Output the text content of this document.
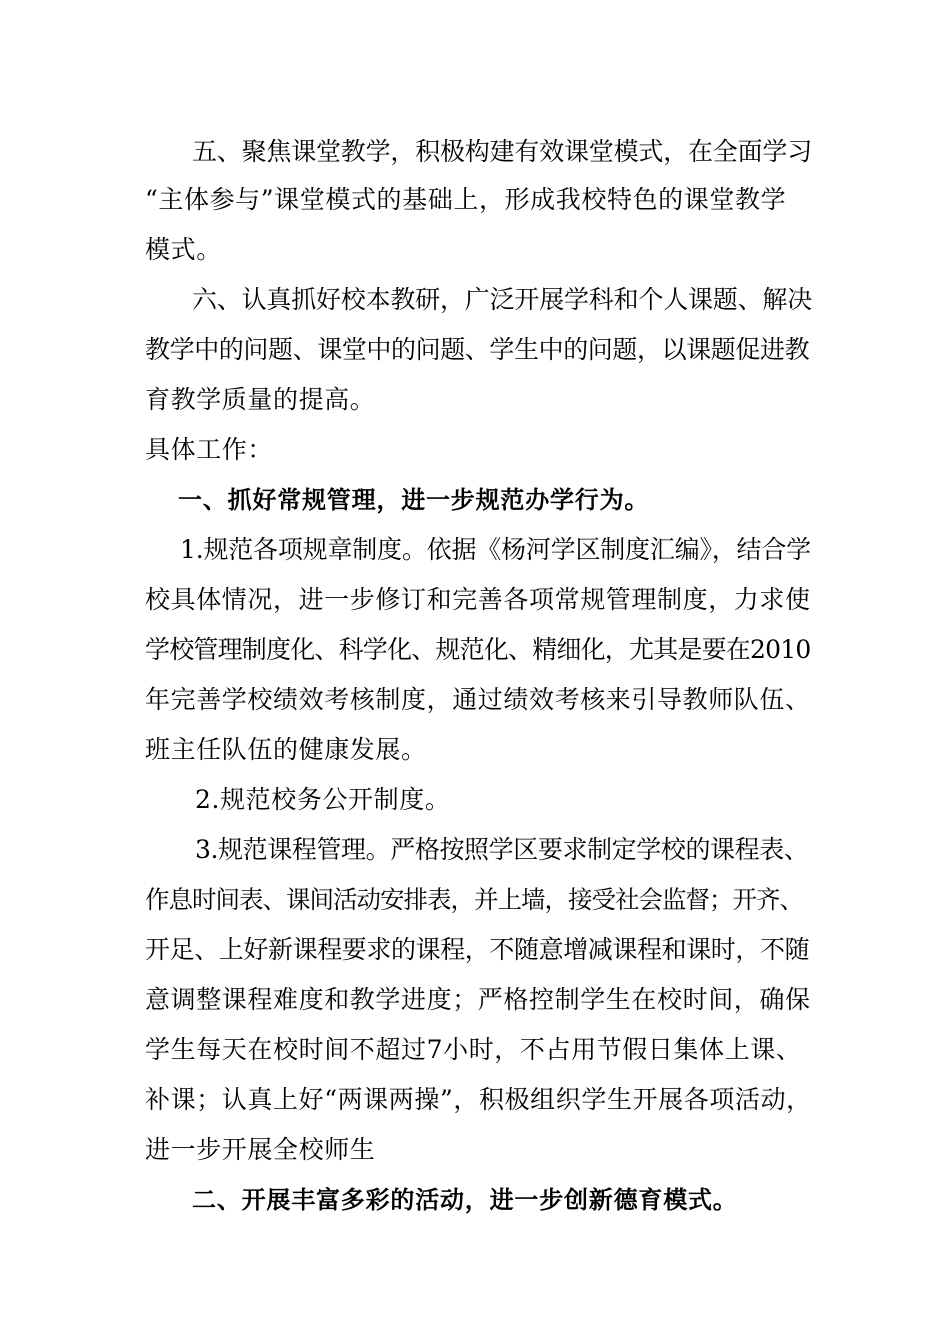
五、聚焦课堂教学，积极构建有效课堂模式，在全面学习
“主体参与”课堂模式的基础上，形成我校特色的课堂教学
模式。
六、认真抓好校本教研，广泛开展学科和个人课题、解决
教学中的问题、课堂中的问题、学生中的问题，以课题促进教
育教学质量的提高。
具体工作：
一、抓好常规管理，进一步规范办学行为。
1.规范各项规章制度。依据《杨河学区制度汇编》，结合学
校具体情况，进一步修订和完善各项常规管理制度，力求使
学校管理制度化、科学化、规范化、精细化，尤其是要在2010
年完善学校绩效考核制度，通过绩效考核来引导教师队伍、
班主任队伍的健康发展。
2.规范校务公开制度。
3.规范课程管理。严格按照学区要求制定学校的课程表、
作息时间表、课间活动安排表，并上墙，接受社会监督；开齐、
开足、上好新课程要求的课程，不随意增减课程和课时，不随
意调整课程难度和教学进度；严格控制学生在校时间，确保
学生每天在校时间不超过7小时，不占用节假日集体上课、
补课；认真上好“两课两操”，积极组织学生开展各项活动，
进一步开展全校师生
二、开展丰富多彩的活动，进一步创新德育模式。
